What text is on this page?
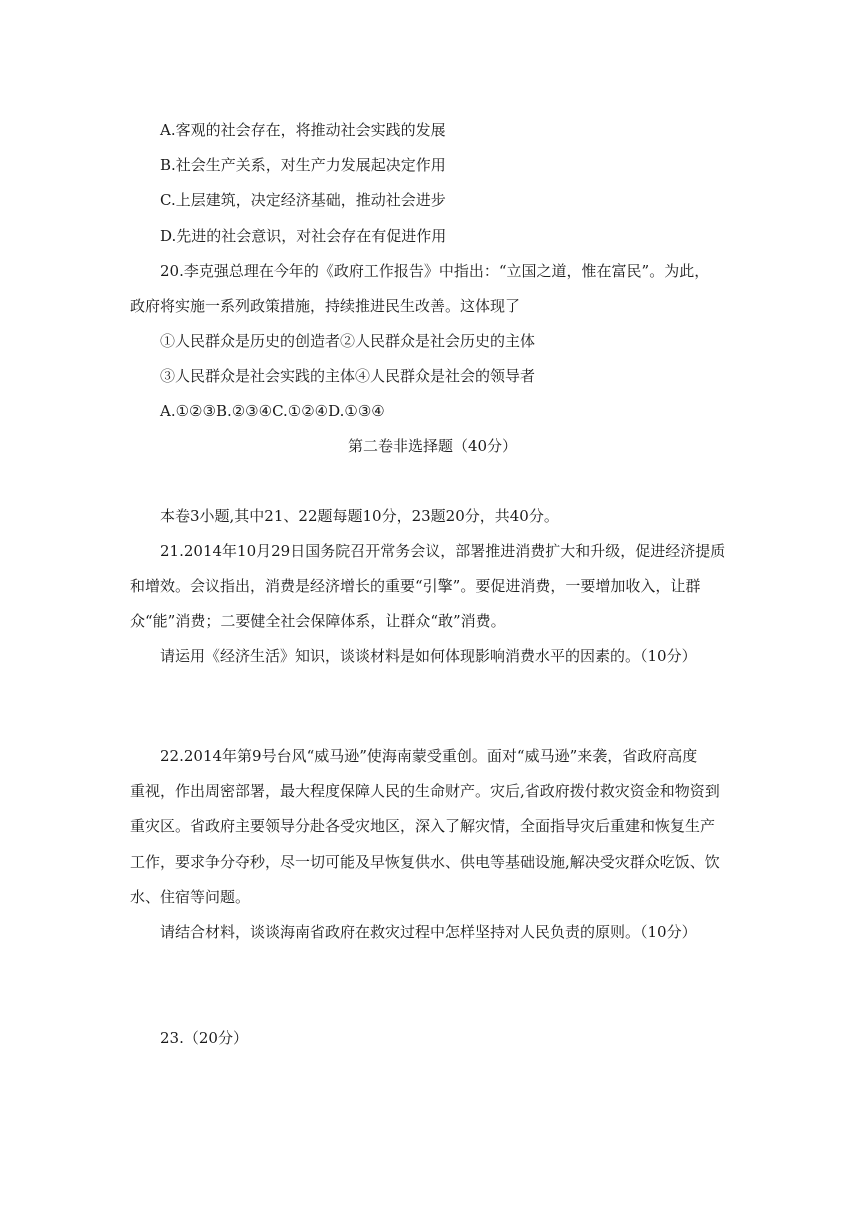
A.客观的社会存在，将推动社会实践的发展
B.社会生产关系，对生产力发展起决定作用
C.上层建筑，决定经济基础，推动社会进步
D.先进的社会意识，对社会存在有促进作用
20.李克强总理在今年的《政府工作报告》中指出：“立国之道，惟在富民”。为此，
政府将实施一系列政策措施，持续推进民生改善。这体现了
①人民群众是历史的创造者②人民群众是社会历史的主体
③人民群众是社会实践的主体④人民群众是社会的领导者
A.①②③B.②③④C.①②④D.①③④
第二卷非选择题（40分）
本卷3小题,其中21、22题每题10分，23题20分，共40分。
21.2014年10月29日国务院召开常务会议，部署推进消费扩大和升级，促进经济提质
和增效。会议指出，消费是经济增长的重要“引擎”。要促进消费，一要增加收入，让群
众“能”消费；二要健全社会保障体系，让群众“敢”消费。
请运用《经济生活》知识，谈谈材料是如何体现影响消费水平的因素的。（10分）
22.2014年第9号台风“威马逊”使海南蒙受重创。面对“威马逊”来袭，省政府高度
重视，作出周密部署，最大程度保障人民的生命财产。灾后,省政府拨付救灾资金和物资到
重灾区。省政府主要领导分赴各受灾地区，深入了解灾情，全面指导灾后重建和恢复生产
工作，要求争分夺秒，尽一切可能及早恢复供水、供电等基础设施,解决受灾群众吃饭、饮
水、住宿等问题。
请结合材料，谈谈海南省政府在救灾过程中怎样坚持对人民负责的原则。（10分）
23.（20分）
